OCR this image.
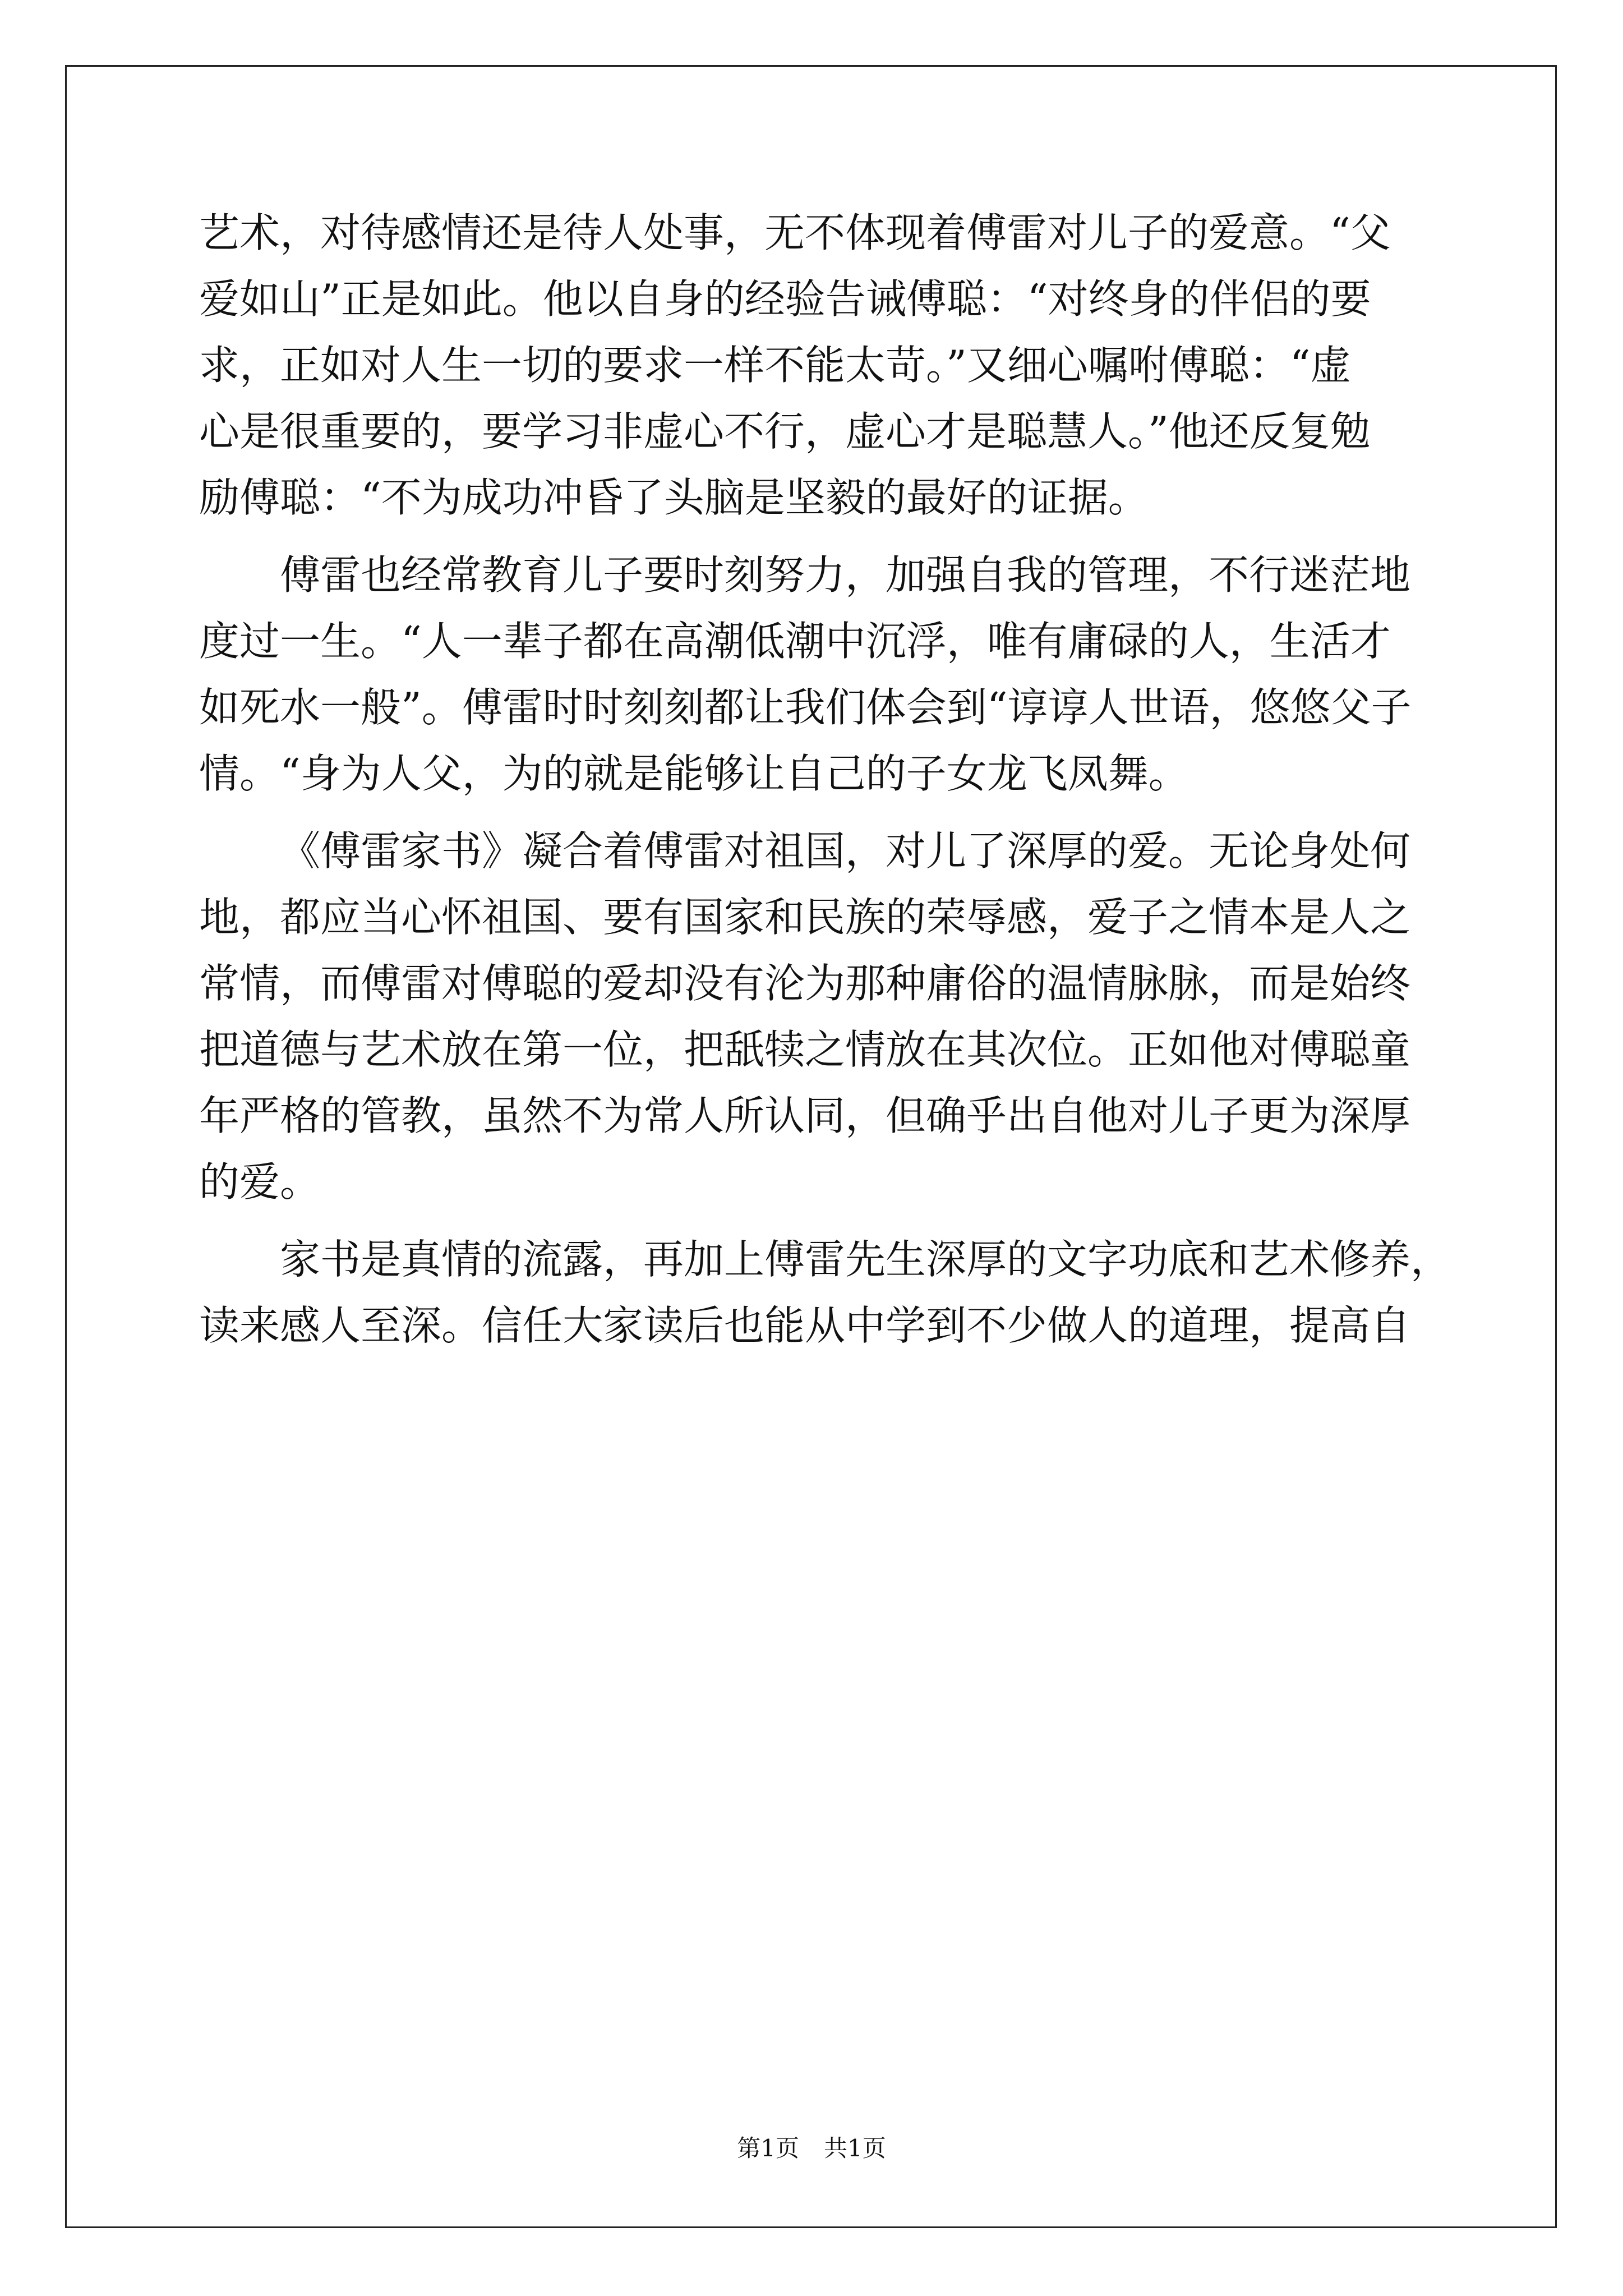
艺术，对待感情还是待人处事，无不体现着傅雷对儿子的爱意。“父
爱如山”正是如此。他以自身的经验告诫傅聪：“对终身的伴侣的要
求，正如对人生一切的要求一样不能太苛。”又细心嘱咐傅聪：“虚
心是很重要的，要学习非虚心不行，虚心才是聪慧人。”他还反复勉
励傅聪：“不为成功冲昏了头脑是坚毅的最好的证据。
傅雷也经常教育儿子要时刻努力，加强自我的管理，不行迷茫地
度过一生。“人一辈子都在高潮低潮中沉浮，唯有庸碌的人，生活才
如死水一般”。傅雷时时刻刻都让我们体会到“谆谆人世语，悠悠父子
情。“身为人父，为的就是能够让自己的子女龙飞凤舞。
《傅雷家书》凝合着傅雷对祖国，对儿了深厚的爱。无论身处何
地，都应当心怀祖国、要有国家和民族的荣辱感，爱子之情本是人之
常情，而傅雷对傅聪的爱却没有沦为那种庸俗的温情脉脉，而是始终
把道德与艺术放在第一位，把舐犊之情放在其次位。正如他对傅聪童
年严格的管教，虽然不为常人所认同，但确乎出自他对儿子更为深厚
的爱。
家书是真情的流露，再加上傅雷先生深厚的文字功底和艺术修养，
读来感人至深。信任大家读后也能从中学到不少做人的道理，提高自
第1页 共1页
